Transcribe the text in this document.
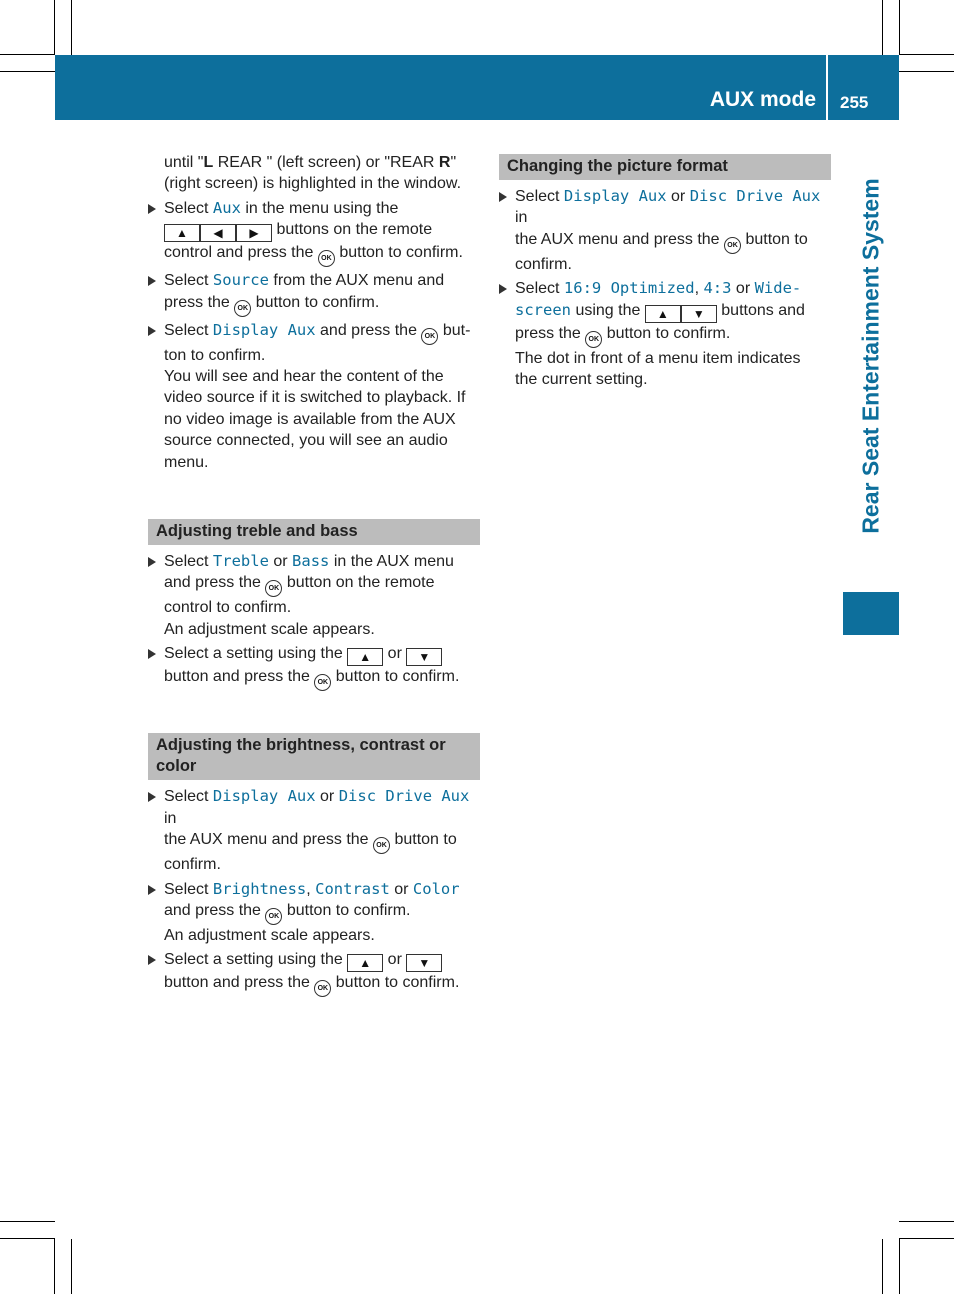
AUX mode 255
Rear Seat Entertainment System
until "L REAR " (left screen) or "REAR R"
(right screen) is highlighted in the window.
Select Aux in the menu using the
▲ ◀ ▶ buttons on the remote
control and press the OK button to confirm.
Select Source from the AUX menu and
press the OK button to confirm.
Select Display Aux and press the OK but-
ton to confirm.
You will see and hear the content of the
video source if it is switched to playback. If
no video image is available from the AUX
source connected, you will see an audio
menu.
Adjusting treble and bass
Select Treble or Bass in the AUX menu
and press the OK button on the remote
control to confirm.
An adjustment scale appears.
Select a setting using the ▲ or ▼
button and press the OK button to confirm.
Adjusting the brightness, contrast or
color
Select Display Aux or Disc Drive Aux in
the AUX menu and press the OK button to
confirm.
Select Brightness, Contrast or Color
and press the OK button to confirm.
An adjustment scale appears.
Select a setting using the ▲ or ▼
button and press the OK button to confirm.
Changing the picture format
Select Display Aux or Disc Drive Aux in
the AUX menu and press the OK button to
confirm.
Select 16:9 Optimized, 4:3 or Wide-
screen using the ▲ ▼ buttons and
press the OK button to confirm.
The dot in front of a menu item indicates
the current setting.
